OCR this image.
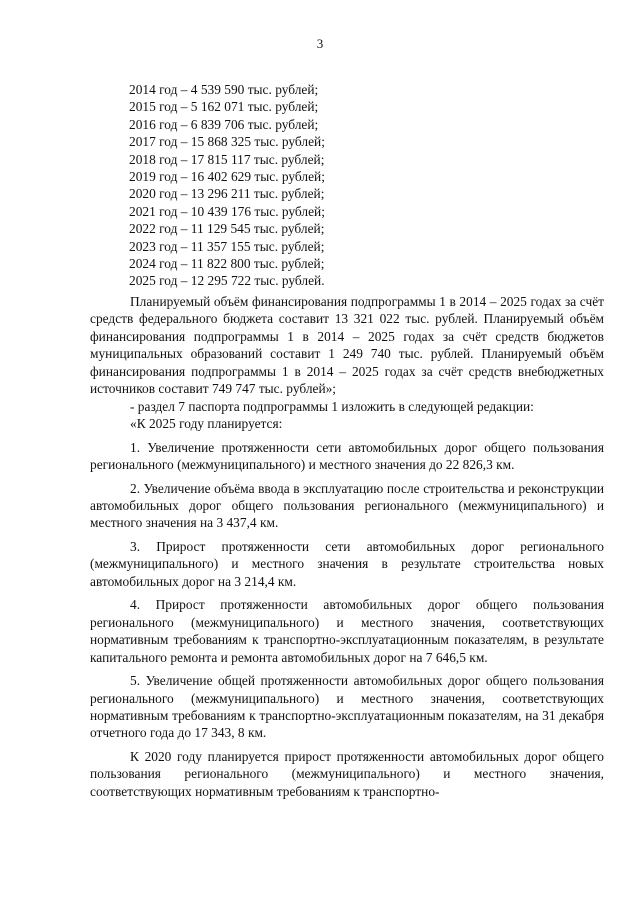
3
2014 год – 4 539 590 тыс. рублей;
2015 год – 5 162 071 тыс. рублей;
2016 год – 6 839 706 тыс. рублей;
2017 год – 15 868 325 тыс. рублей;
2018 год – 17 815 117 тыс. рублей;
2019 год – 16 402 629 тыс. рублей;
2020 год – 13 296 211 тыс. рублей;
2021 год – 10 439 176 тыс. рублей;
2022 год – 11 129 545 тыс. рублей;
2023 год – 11 357 155 тыс. рублей;
2024 год – 11 822 800 тыс. рублей;
2025 год – 12 295 722 тыс. рублей.

Планируемый объём финансирования подпрограммы 1 в 2014 – 2025 годах за счёт средств федерального бюджета составит 13 321 022 тыс. рублей. Планируемый объём финансирования подпрограммы 1 в 2014 – 2025 годах за счёт средств бюджетов муниципальных образований составит 1 249 740 тыс. рублей. Планируемый объём финансирования подпрограммы 1 в 2014 – 2025 годах за счёт средств внебюджетных источников составит 749 747 тыс. рублей»;

- раздел 7 паспорта подпрограммы 1 изложить в следующей редакции:

«К 2025 году планируется:

1. Увеличение протяженности сети автомобильных дорог общего пользования регионального (межмуниципального) и местного значения до 22 826,3 км.

2. Увеличение объёма ввода в эксплуатацию после строительства и реконструкции автомобильных дорог общего пользования регионального (межмуниципального) и местного значения на 3 437,4 км.

3. Прирост протяженности сети автомобильных дорог регионального (межмуниципального) и местного значения в результате строительства новых автомобильных дорог на 3 214,4 км.

4. Прирост протяженности автомобильных дорог общего пользования регионального (межмуниципального) и местного значения, соответствующих нормативным требованиям к транспортно-эксплуатационным показателям, в результате капитального ремонта и ремонта автомобильных дорог на 7 646,5 км.

5. Увеличение общей протяженности автомобильных дорог общего пользования регионального (межмуниципального) и местного значения, соответствующих нормативным требованиям к транспортно-эксплуатационным показателям, на 31 декабря отчетного года до 17 343, 8 км.

К 2020 году планируется прирост протяженности автомобильных дорог общего пользования регионального (межмуниципального) и местного значения, соответствующих нормативным требованиям к транспортно-
